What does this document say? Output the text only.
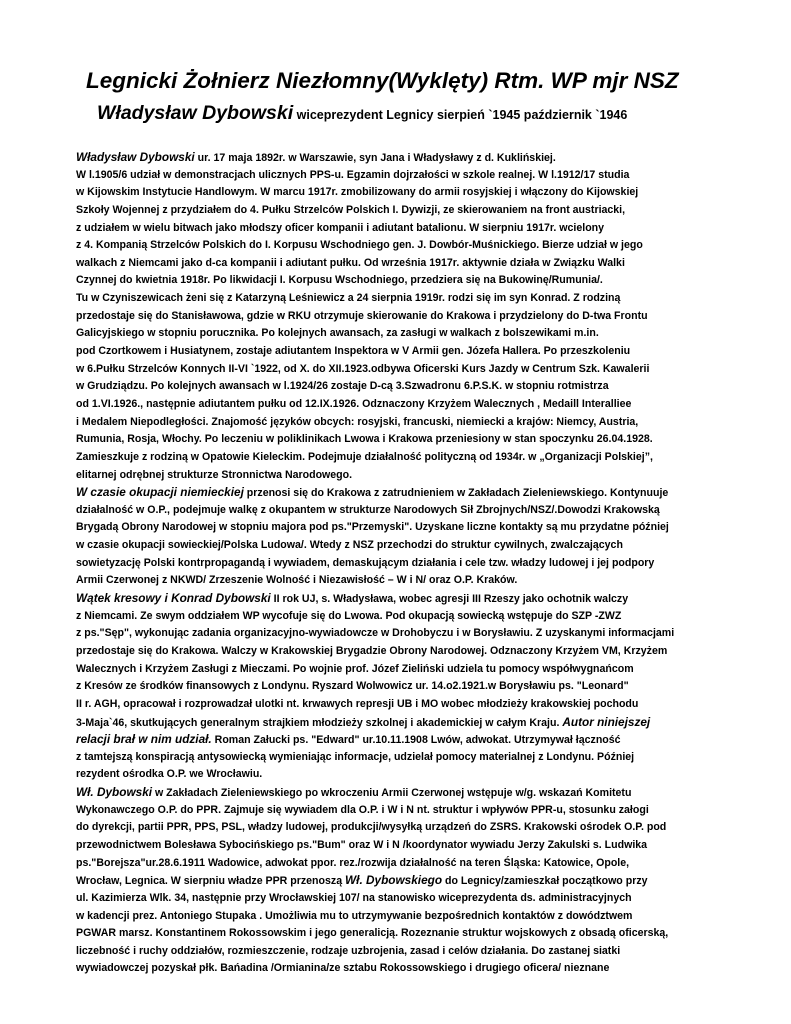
Legnicki Żołnierz Niezłomny(Wyklęty) Rtm. WP mjr NSZ
Władysław Dybowski wiceprezydent Legnicy sierpień `1945 październik `1946
Władysław Dybowski ur. 17 maja 1892r. w Warszawie, syn Jana i Władysławy z d. Kuklińskiej.
W l.1905/6 udział w demonstracjach ulicznych PPS-u. Egzamin dojrzałości w szkole realnej. W l.1912/17 studia
w Kijowskim Instytucie Handlowym. W marcu 1917r. zmobilizowany do armii rosyjskiej i włączony do Kijowskiej
Szkoły Wojennej z przydziałem do 4. Pułku Strzelców Polskich I. Dywizji, ze skierowaniem na front austriacki,
z udziałem w wielu bitwach jako młodszy oficer kompanii i adiutant batalionu. W sierpniu 1917r. wcielony
z 4. Kompanią Strzelców Polskich do I. Korpusu Wschodniego gen. J. Dowbór-Muśnickiego. Bierze udział w jego
walkach z Niemcami jako d-ca kompanii i adiutant pułku. Od września 1917r. aktywnie działa w Związku Walki
Czynnej do kwietnia 1918r. Po likwidacji I. Korpusu Wschodniego, przedziera się na Bukowinę/Rumunia/.
Tu w Czyniszewicach żeni się z Katarzyną Leśniewicz a 24 sierpnia 1919r. rodzi się im syn Konrad. Z rodziną
przedostaje się do Stanisławowa, gdzie w RKU otrzymuje skierowanie do Krakowa i przydzielony do D-twa Frontu
Galicyjskiego w stopniu porucznika. Po kolejnych awansach, za zasługi w walkach z bolszewikami m.in.
pod Czortkowem i Husiatynem, zostaje adiutantem Inspektora w V Armii gen. Józefa Hallera. Po przeszkoleniu
w 6.Pułku Strzelców Konnych II-VI `1922, od X. do XII.1923.odbywa Oficerski Kurs Jazdy w Centrum Szk. Kawalerii
w Grudziądzu. Po kolejnych awansach w l.1924/26 zostaje D-cą 3.Szwadronu 6.P.S.K. w stopniu rotmistrza
od 1.VI.1926., następnie adiutantem pułku od 12.IX.1926. Odznaczony Krzyżem Walecznych , Medaill Interalliee
i Medalem Niepodległości. Znajomość języków obcych: rosyjski, francuski, niemiecki a krajów: Niemcy, Austria,
Rumunia, Rosja, Włochy. Po leczeniu w poliklinikach Lwowa i Krakowa przeniesiony w stan spoczynku 26.04.1928.
Zamieszkuje z rodziną w Opatowie Kieleckim. Podejmuje działalność polityczną od 1934r. w „Organizacji Polskiej”,
elitarnej odrębnej strukturze Stronnictwa Narodowego.
W czasie okupacji niemieckiej przenosi się do Krakowa z zatrudnieniem w Zakładach Zieleniewskiego. Kontynuuje
działalność w O.P., podejmuje walkę z okupantem w strukturze Narodowych Sił Zbrojnych/NSZ/.Dowodzi Krakowską
Brygadą Obrony Narodowej w stopniu majora pod ps."Przemyski". Uzyskane liczne kontakty są mu przydatne później
w czasie okupacji sowieckiej/Polska Ludowa/. Wtedy z NSZ przechodzi do struktur cywilnych, zwalczających
sowietyzację Polski kontrpropagandą i wywiadem, demaskującym działania i cele tzw. władzy ludowej i jej podpory
Armii Czerwonej z NKWD/ Zrzeszenie Wolność i Niezawisłość – W i N/ oraz O.P. Kraków.
Wątek kresowy i Konrad Dybowski II rok UJ, s. Władysława, wobec agresji III Rzeszy jako ochotnik walczy
z Niemcami. Ze swym oddziałem WP wycofuje się do Lwowa. Pod okupacją sowiecką wstępuje do SZP -ZWZ
z ps."Sęp", wykonując zadania organizacyjno-wywiadowcze w Drohobyczu i w Borysławiu. Z uzyskanymi informacjami
przedostaje się do Krakowa. Walczy w Krakowskiej Brygadzie Obrony Narodowej. Odznaczony Krzyżem VM, Krzyżem
Walecznych i Krzyżem Zasługi z Mieczami. Po wojnie prof. Józef Zieliński udziela tu pomocy współwygnańcom
z Kresów ze środków finansowych z Londynu. Ryszard Wolwowicz ur. 14.o2.1921.w Borysławiu ps. "Leonard"
II r. AGH, opracował i rozprowadzał ulotki nt. krwawych represji UB i MO wobec młodzieży krakowskiej pochodu
3-Maja`46, skutkujących generalnym strajkiem młodzieży szkolnej i akademickiej w całym Kraju. Autor niniejszej
relacji brał w nim udział. Roman Załucki ps. "Edward" ur.10.11.1908 Lwów, adwokat. Utrzymywał łączność
z tamtejszą konspiracją antysowiecką wymieniając informacje, udzielał pomocy materialnej z Londynu. Później
rezydent ośrodka O.P. we Wrocławiu.
Wł. Dybowski w Zakładach Zieleniewskiego po wkroczeniu Armii Czerwonej wstępuje w/g. wskazań Komitetu
Wykonawczego O.P. do PPR. Zajmuje się wywiadem dla O.P. i W i N nt. struktur i wpływów PPR-u, stosunku załogi
do dyrekcji, partii PPR, PPS, PSL, władzy ludowej, produkcji/wysyłką urządzeń do ZSRS. Krakowski ośrodek O.P. pod
przewodnictwem Bolesława Sybocińskiego ps."Bum" oraz W i N /koordynator wywiadu Jerzy Zakulski s. Ludwika
ps."Borejsza"ur.28.6.1911 Wadowice, adwokat ppor. rez./rozwija działalność na teren Śląska: Katowice, Opole,
Wrocław, Legnica. W sierpniu władze PPR przenoszą Wł. Dybowskiego do Legnicy/zamieszkał początkowo przy
ul. Kazimierza Wlk. 34, następnie przy Wrocławskiej 107/ na stanowisko wiceprezydenta ds. administracyjnych
w kadencji prez. Antoniego Stupaka . Umożliwia mu to utrzymywanie bezpośrednich kontaktów z dowództwem
PGWAR marsz. Konstantinem Rokossowskim i jego generalicją. Rozeznanie struktur wojskowych z obsadą oficerską,
liczebność i ruchy oddziałów, rozmieszczenie, rodzaje uzbrojenia, zasad i celów działania. Do zastanej siatki
wywiadowczej pozyskał płk. Bańadina /Ormianina/ze sztabu Rokossowskiego i drugiego oficera/ nieznane
